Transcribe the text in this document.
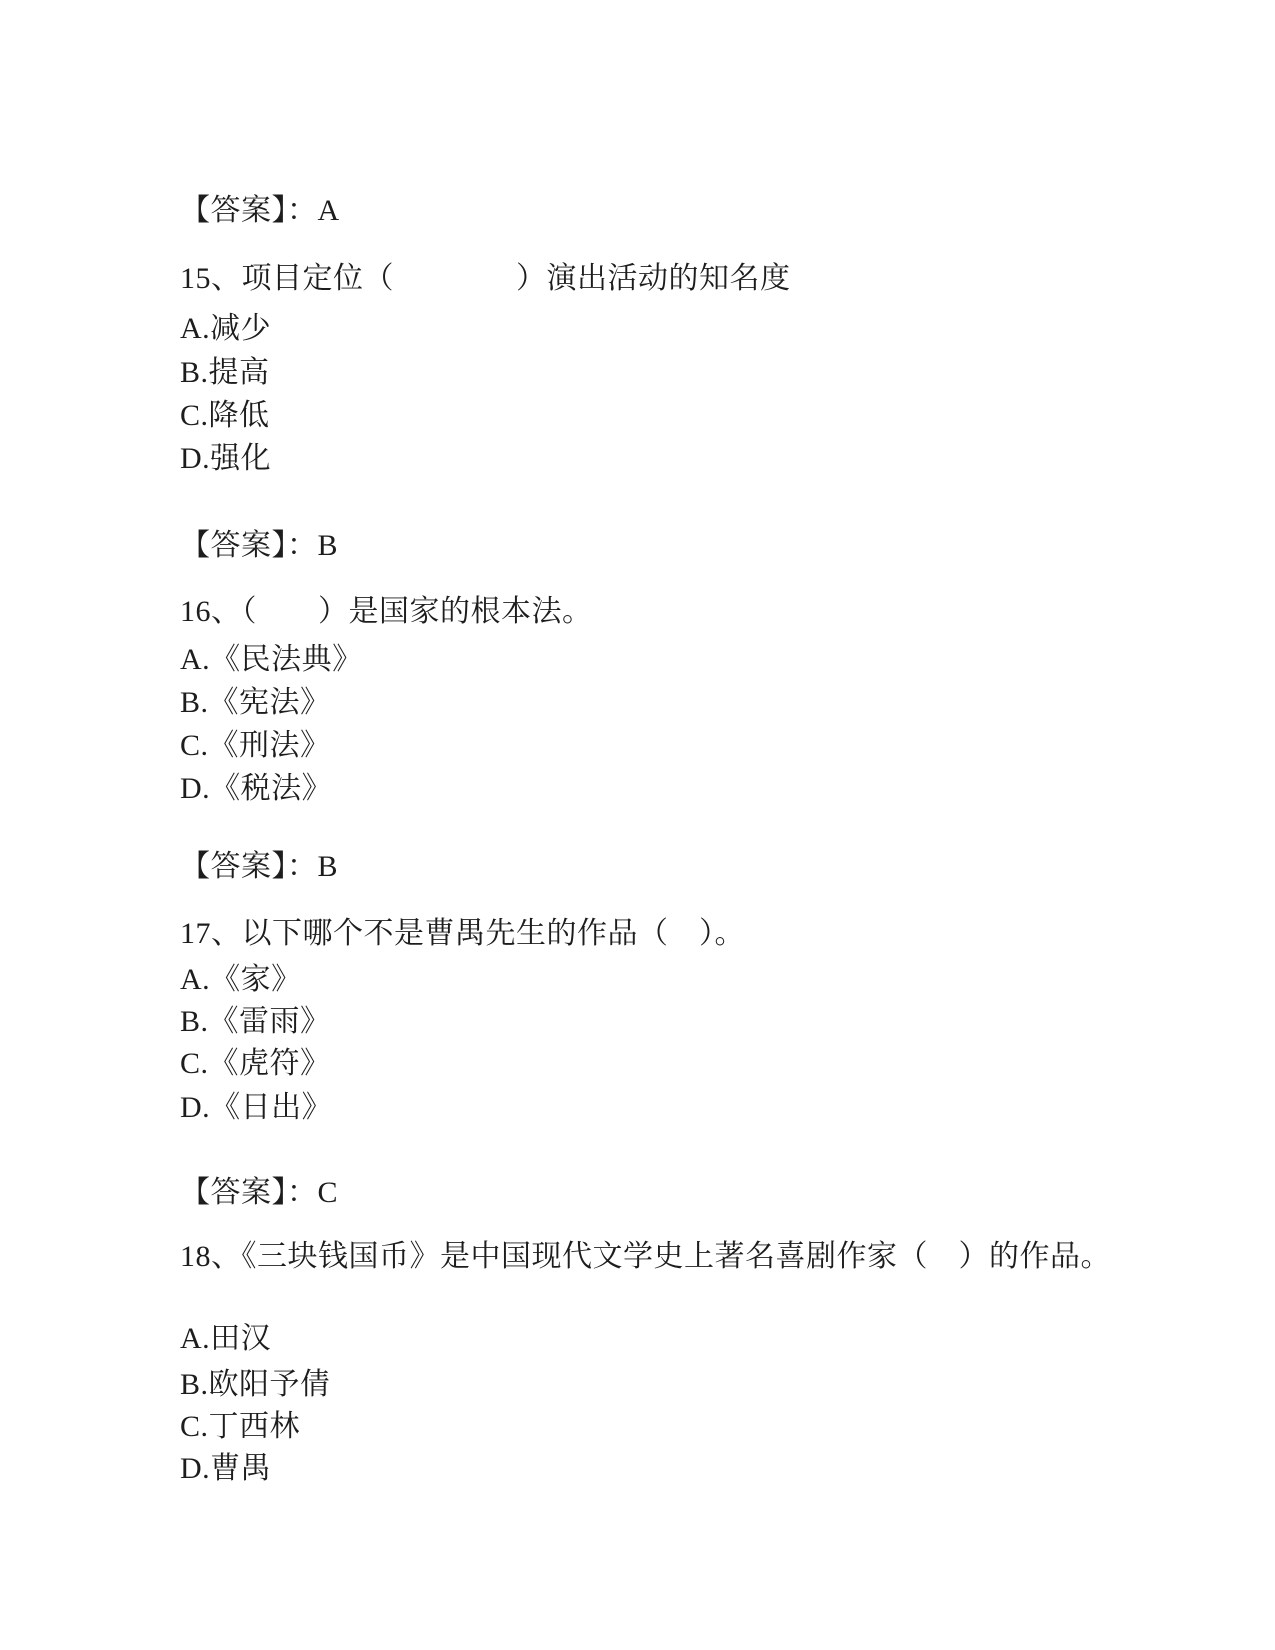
【答案】：A
15、项目定位（　　　　）演出活动的知名度
A.减少
B.提高
C.降低
D.强化
【答案】：B
16、（　　）是国家的根本法。
A.《民法典》
B.《宪法》
C.《刑法》
D.《税法》
【答案】：B
17、以下哪个不是曹禺先生的作品（　）。
A.《家》
B.《雷雨》
C.《虎符》
D.《日出》
【答案】：C
18、《三块钱国币》是中国现代文学史上著名喜剧作家（　）的作品。
A.田汉
B.欧阳予倩
C.丁西林
D.曹禺
